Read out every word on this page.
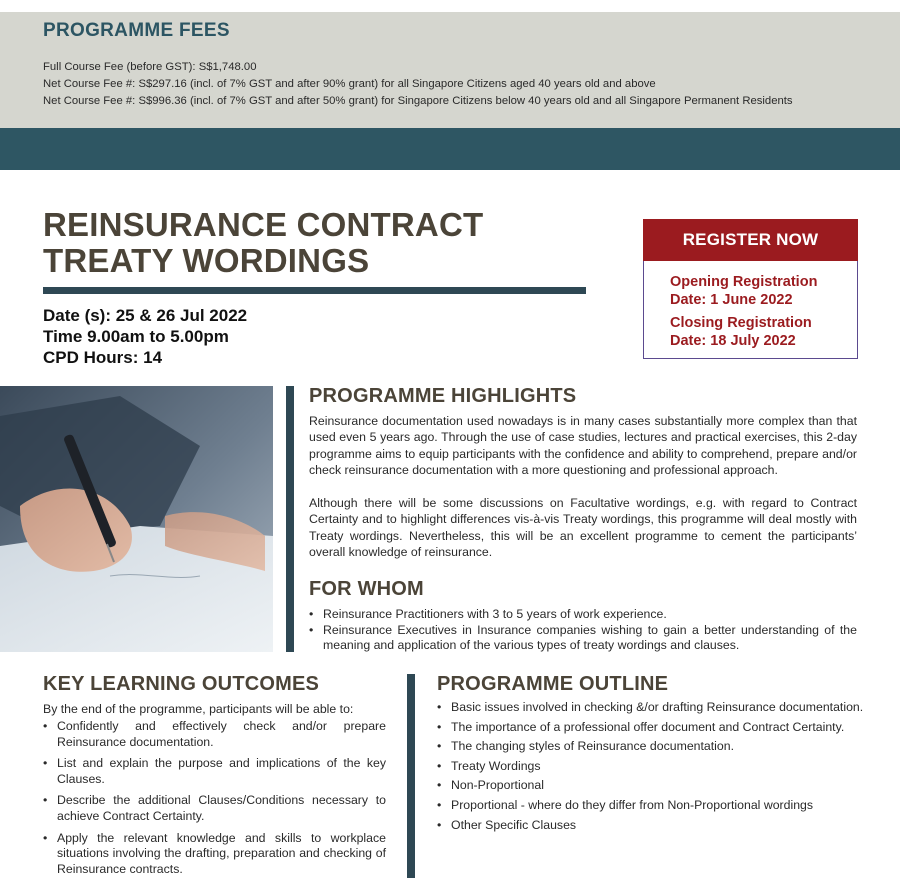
PROGRAMME FEES
Full Course Fee (before GST): S$1,748.00
Net Course Fee #: S$297.16 (incl. of 7% GST and after 90% grant) for all Singapore Citizens aged 40 years old and above
Net Course Fee #: S$996.36 (incl. of 7% GST and after 50% grant) for Singapore Citizens below 40 years old and all Singapore Permanent Residents
REINSURANCE CONTRACT
TREATY WORDINGS
Date (s): 25 & 26 Jul 2022
Time 9.00am to 5.00pm
CPD Hours: 14
REGISTER NOW
Opening Registration
Date: 1 June 2022
Closing Registration
Date: 18 July 2022
PROGRAMME HIGHLIGHTS
Reinsurance documentation used nowadays is in many cases substantially more complex than that used even 5 years ago. Through the use of case studies, lectures and practical exercises, this 2-day programme aims to equip participants with the confidence and ability to comprehend, prepare and/or check reinsurance documentation with a more questioning and professional approach.
Although there will be some discussions on Facultative wordings, e.g. with regard to Contract Certainty and to highlight differences vis-à-vis Treaty wordings, this programme will deal mostly with Treaty wordings. Nevertheless, this will be an excellent programme to cement the participants’ overall knowledge of reinsurance.
FOR WHOM
• Reinsurance Practitioners with 3 to 5 years of work experience.
• Reinsurance Executives in Insurance companies wishing to gain a better understanding of the meaning and application of the various types of treaty wordings and clauses.
KEY LEARNING OUTCOMES
By the end of the programme, participants will be able to:
• Confidently and effectively check and/or prepare Reinsurance documentation.
• List and explain the purpose and implications of the key Clauses.
• Describe the additional Clauses/Conditions necessary to achieve Contract Certainty.
• Apply the relevant knowledge and skills to workplace situations involving the drafting, preparation and checking of Reinsurance contracts.
PROGRAMME OUTLINE
• Basic issues involved in checking &/or drafting Reinsurance documentation.
• The importance of a professional offer document and Contract Certainty.
• The changing styles of Reinsurance documentation.
• Treaty Wordings
• Non-Proportional
• Proportional - where do they differ from Non-Proportional wordings
• Other Specific Clauses
